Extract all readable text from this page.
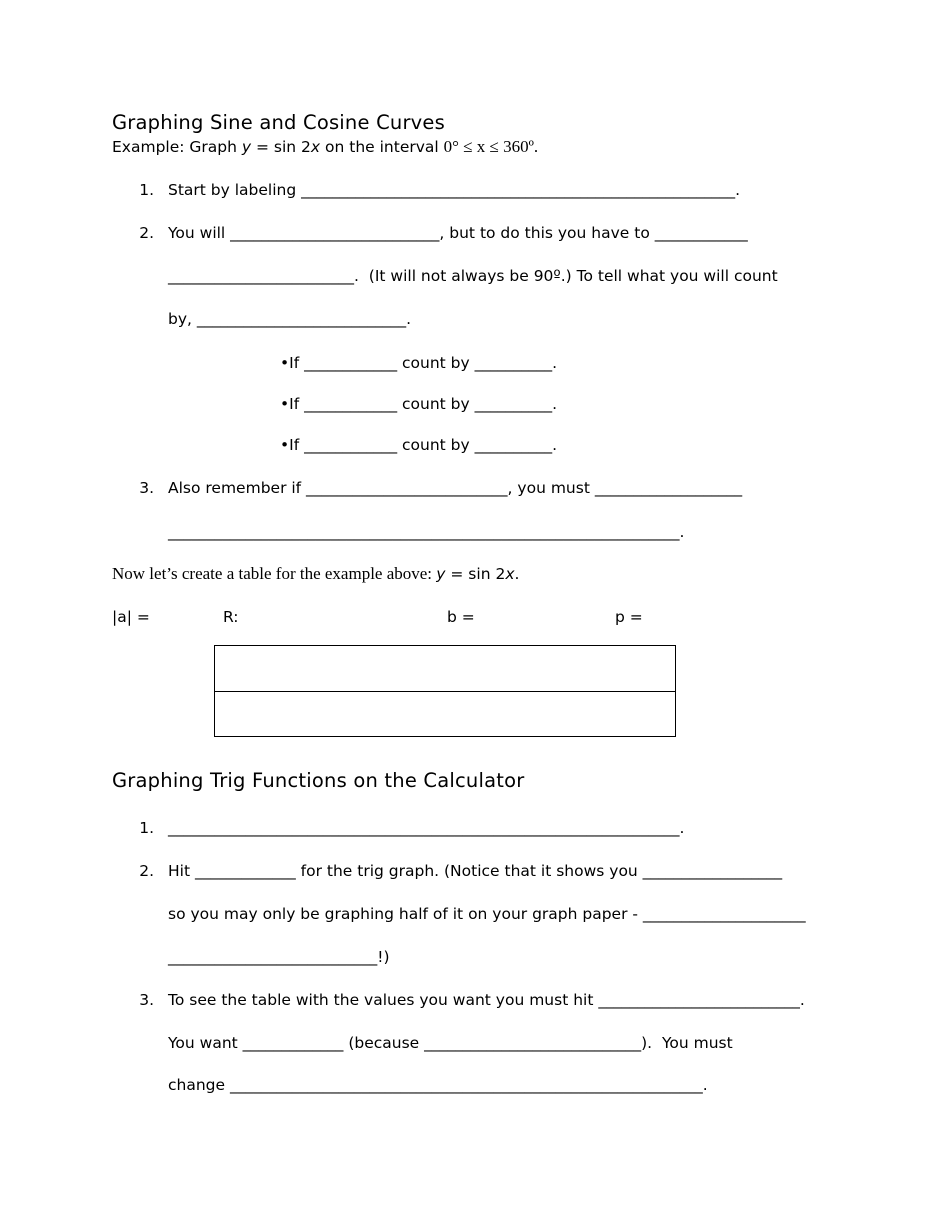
Graphing Sine and Cosine Curves
Example: Graph y = sin 2x on the interval 0° ≤ x ≤ 360º.
1. Start by labeling ________________________________________________________.
2. You will ___________________________, but to do this you have to ____________
________________________.  (It will not always be 90º.) To tell what you will count
by, ___________________________.
•If ____________ count by __________.
•If ____________ count by __________.
•If ____________ count by __________.
3. Also remember if __________________________, you must ___________________
__________________________________________________________________.
Now let’s create a table for the example above: y = sin 2x.
|a| =	R:	b =	p =
Graphing Trig Functions on the Calculator
1. __________________________________________________________________.
2. Hit _____________ for the trig graph. (Notice that it shows you __________________
so you may only be graphing half of it on your graph paper - _____________________
___________________________!)
3. To see the table with the values you want you must hit __________________________.
You want _____________ (because ____________________________).  You must
change _____________________________________________________________.
